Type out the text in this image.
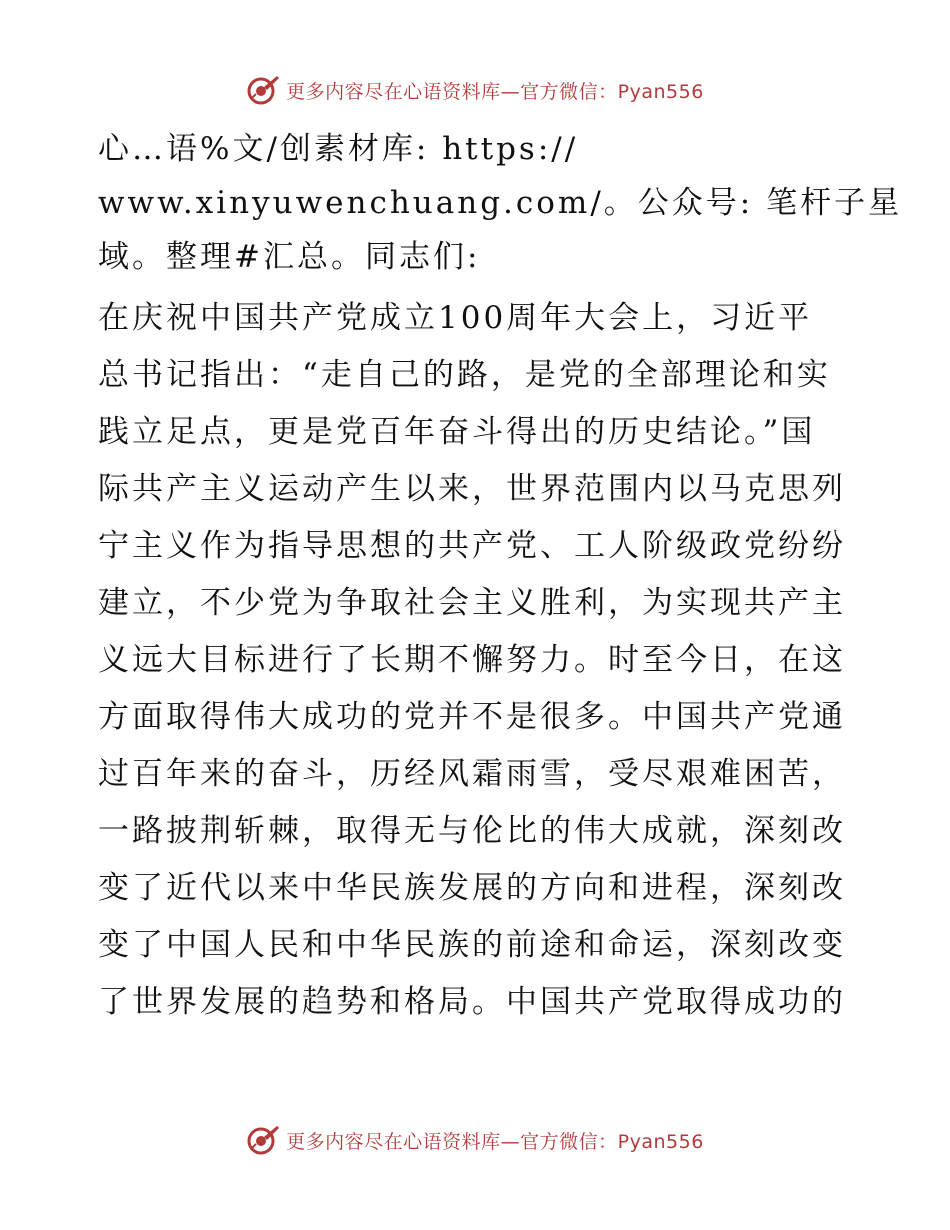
更多内容尽在心语资料库—官方微信：Pyan556
心…语%文/创素材库: https://
www.xinyuwenchuang.com/。公众号: 笔杆子星
域。整理#汇总。同志们:
在庆祝中国共产党成立100周年大会上，习近平
总书记指出：“走自己的路，是党的全部理论和实
践立足点，更是党百年奋斗得出的历史结论。”国
际共产主义运动产生以来，世界范围内以马克思列
宁主义作为指导思想的共产党、工人阶级政党纷纷
建立，不少党为争取社会主义胜利，为实现共产主
义远大目标进行了长期不懈努力。时至今日，在这
方面取得伟大成功的党并不是很多。中国共产党通
过百年来的奋斗，历经风霜雨雪，受尽艰难困苦，
一路披荆斩棘，取得无与伦比的伟大成就，深刻改
变了近代以来中华民族发展的方向和进程，深刻改
变了中国人民和中华民族的前途和命运，深刻改变
了世界发展的趋势和格局。中国共产党取得成功的
更多内容尽在心语资料库—官方微信：Pyan556
